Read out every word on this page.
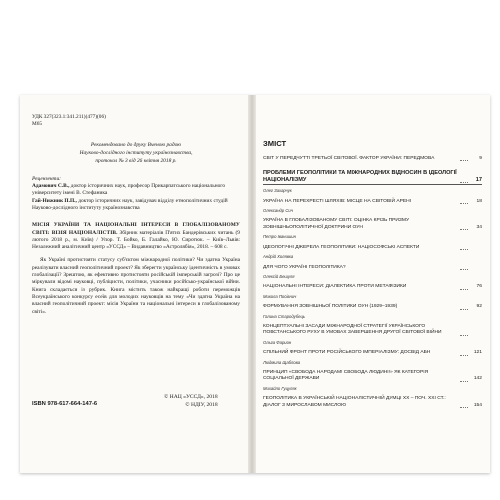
УДК 327(323.1:341.211)(477)(06)
М65
Рекомендовано до друку Вченою радою
Науково-дослідного інституту українознавства,
протокол № 3 від 26 квітня 2018 р.
Рецензенти:
Адамович С.В., доктор історичних наук, професор Прикарпатського національного університету імені В. Стефаника
Гай-Нижник П.П., доктор історичних наук, завідувач відділу етнополітичних студій Науково-дослідного інституту українознавства
МІСІЯ УКРАЇНИ ТА НАЦІОНАЛЬНІ ІНТЕРЕСИ В ГЛОБАЛІЗОВАНОМУ СВІТІ: ВІЗІЯ НАЦІОНАЛІСТІВ. Збірник матеріалів П'ятих Бандерівських читань (9 лютого 2018 р., м. Київ) / Упор. Т. Бойко, Б. Галайко, Ю. Сиротюк. – Київ–Львів: Незалежний аналітичний центр «УССД» – Видавництво «Астролябія», 2018. – 608 с.
Як Україні протистояти статусу суб'єктом міжнародної політики? Чи здатна Україна реалізувати власний геополітичний проект? Як зберегти українську ідентичність в умовах глобалізації? Зрештою, як ефективно протистояти російській імперській загрозі? Про це міркували відомі науковці, публіцисти, політики, учасники російсько-української війни. Книга складається із рубрик. Книга містить також найкращі роботи переможців Всеукраїнського конкурсу есеїв для молодих науковців на тему «Чи здатна Україна на власний геополітичний проект: місія України та національні інтереси в глобалізованому світі».
ISBN 978-617-664-147-6
© НАЦ «УССД», 2018
© НДІУ, 2018
ЗМІСТ
СВІТ У ПЕРЕДЧУТТІ ТРЕТЬОЇ СВІТОВОЇ. ФАКТОР УКРАЇНИ: ПЕРЕДМОВА	9
ПРОБЛЕМИ ГЕОПОЛІТИКИ ТА МІЖНАРОДНИХ ВІДНОСИН В ІДЕОЛОГІЇ НАЦІОНАЛІЗМУ	17
Олег Захарчук
УКРАЇНА НА ПЕРЕХРЕСТІ ШЛЯХІВ: МІСЦЕ НА СВІТОВІЙ АРЕНІ	18
Олександр Сич
УКРАЇНА В ГЛОБАЛІЗОВАНОМУ СВІТІ: ОЦІНКА КРІЗЬ ПРИЗМУ ЗОВНІШНЬОПОЛІТИЧНОЇ ДОКТРИНИ ОУН	34
Петро Іванишин
ІДЕОЛОГІЧНІ ДЖЕРЕЛА ГЕОПОЛІТИКИ: НАЦІОСОФСЬКІ АСПЕКТИ
Андрій Холявка
ДЛЯ ЧОГО УКРАЇНІ ГЕОПОЛІТИКА?
Олексій Бешуля
НАЦІОНАЛЬНІ ІНТЕРЕСИ: ДІАЛЕКТИКА ПРОТИ МЕТАФІЗИКИ	76
Микола Посівнич
ФОРМУВАННЯ ЗОВНІШНЬОЇ ПОЛІТИКИ ОУН (1929–1939)	92
Галина Стародубець
КОНЦЕПТУАЛЬНІ ЗАСАДИ МІЖНАРОДНОЇ СТРАТЕГІЇ УКРАЇНСЬКОГО ПОВСТАНСЬКОГО РУХУ В УМОВАХ ЗАВЕРШЕННЯ ДРУГОЇ СВІТОВОЇ ВІЙНИ
Ольга Фарион
СПІЛЬНИЙ ФРОНТ ПРОТИ РОСІЙСЬКОГО ІМПЕРІАЛІЗМУ: ДОСВІД АБН	121
Людмила Щаблова
ПРИНЦИП «СВОБОДА НАРОДАМ! СВОБОДА ЛЮДИНІ!» ЯК КАТЕГОРІЯ СОЦІАЛЬНОЇ ДЕРЖАВИ	142
Михайло Гуцуляк
ГЕОПОЛІТИКА В УКРАЇНСЬКІЙ НАЦІОНАЛІСТИЧНІЙ ДУМЦІ ХХ – ПОЧ. ХХІ СТ.: ДІАЛОГ З МИРОСЛАВОМ МИСЛОЮ	154
